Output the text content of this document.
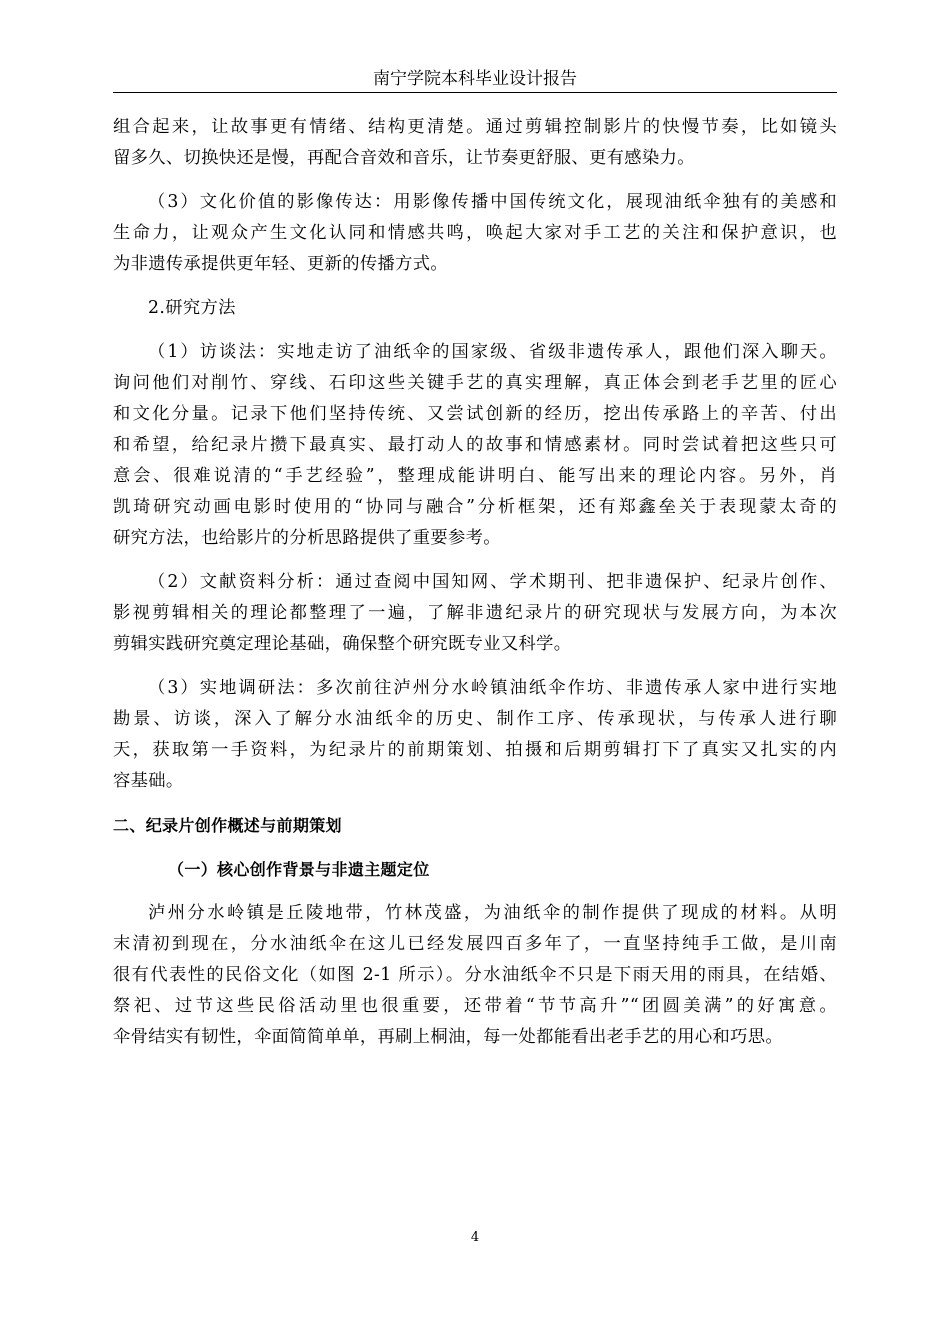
南宁学院本科毕业设计报告
组合起来，让故事更有情绪、结构更清楚。通过剪辑控制影片的快慢节奏，比如镜头
留多久、切换快还是慢，再配合音效和音乐，让节奏更舒服、更有感染力。
（3）文化价值的影像传达：用影像传播中国传统文化，展现油纸伞独有的美感和
生命力，让观众产生文化认同和情感共鸣，唤起大家对手工艺的关注和保护意识，也
为非遗传承提供更年轻、更新的传播方式。
2.研究方法
（1）访谈法：实地走访了油纸伞的国家级、省级非遗传承人，跟他们深入聊天。
询问他们对削竹、穿线、石印这些关键手艺的真实理解，真正体会到老手艺里的匠心
和文化分量。记录下他们坚持传统、又尝试创新的经历，挖出传承路上的辛苦、付出
和希望，给纪录片攒下最真实、最打动人的故事和情感素材。同时尝试着把这些只可
意会、很难说清的“手艺经验”，整理成能讲明白、能写出来的理论内容。另外，肖
凯琦研究动画电影时使用的“协同与融合”分析框架，还有郑鑫垒关于表现蒙太奇的
研究方法，也给影片的分析思路提供了重要参考。
（2）文献资料分析：通过查阅中国知网、学术期刊、把非遗保护、纪录片创作、
影视剪辑相关的理论都整理了一遍，了解非遗纪录片的研究现状与发展方向，为本次
剪辑实践研究奠定理论基础，确保整个研究既专业又科学。
（3）实地调研法：多次前往泸州分水岭镇油纸伞作坊、非遗传承人家中进行实地
勘景、访谈，深入了解分水油纸伞的历史、制作工序、传承现状，与传承人进行聊
天，获取第一手资料，为纪录片的前期策划、拍摄和后期剪辑打下了真实又扎实的内
容基础。
二、纪录片创作概述与前期策划
（一）核心创作背景与非遗主题定位
泸州分水岭镇是丘陵地带，竹林茂盛，为油纸伞的制作提供了现成的材料。从明
末清初到现在，分水油纸伞在这儿已经发展四百多年了，一直坚持纯手工做，是川南
很有代表性的民俗文化（如图 2-1 所示）。分水油纸伞不只是下雨天用的雨具，在结婚、
祭祀、过节这些民俗活动里也很重要，还带着“节节高升”“团圆美满”的好寓意。
伞骨结实有韧性，伞面简简单单，再刷上桐油，每一处都能看出老手艺的用心和巧思。
4
